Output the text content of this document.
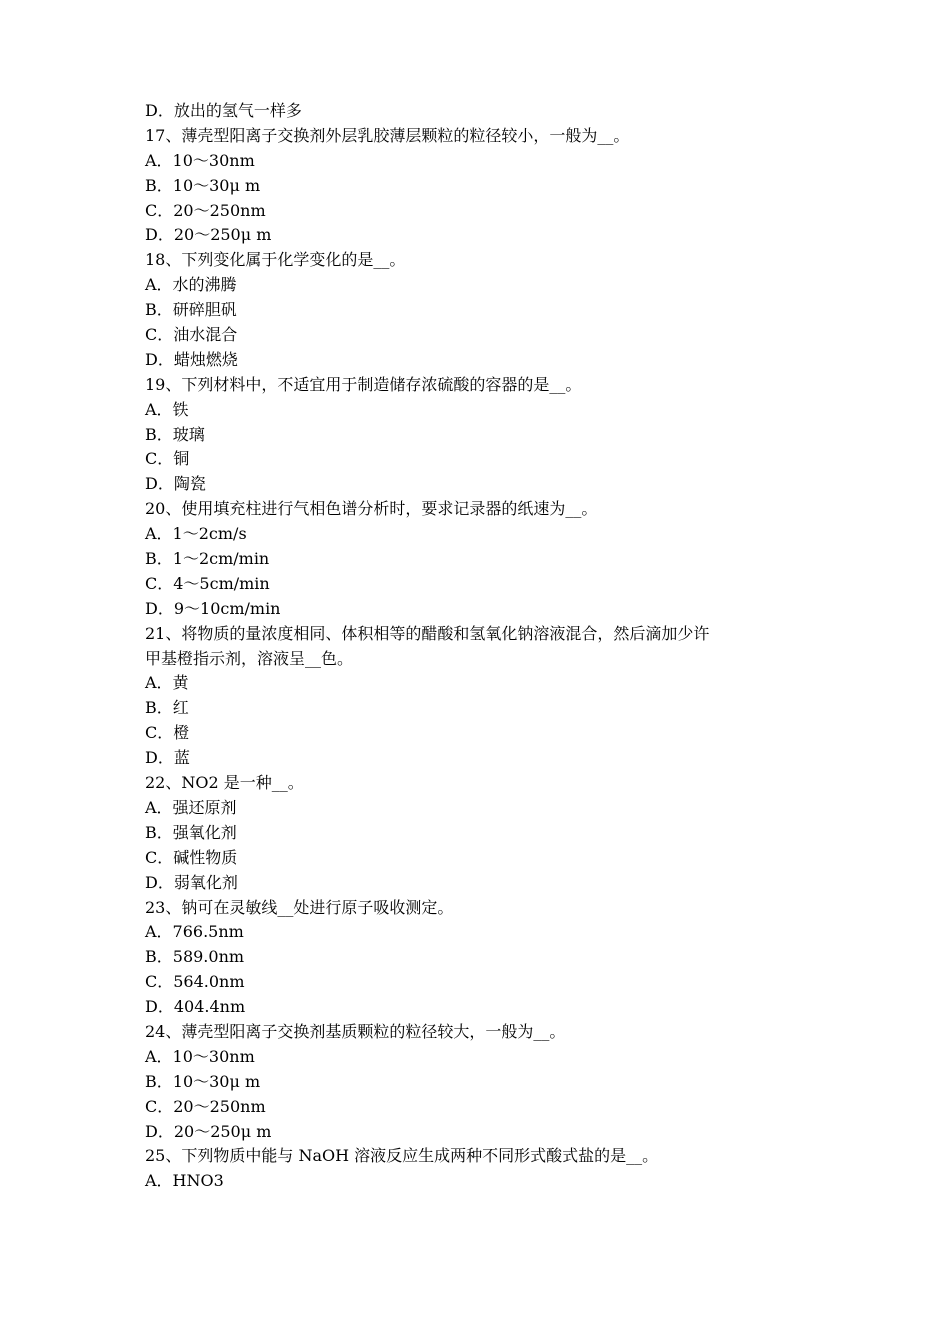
D．放出的氢气一样多
17、薄壳型阳离子交换剂外层乳胶薄层颗粒的粒径较小，一般为__。
A．10～30nm
B．10～30μ m
C．20～250nm
D．20～250μ m
18、下列变化属于化学变化的是__。
A．水的沸腾
B．研碎胆矾
C．油水混合
D．蜡烛燃烧
19、下列材料中，不适宜用于制造储存浓硫酸的容器的是__。
A．铁
B．玻璃
C．铜
D．陶瓷
20、使用填充柱进行气相色谱分析时，要求记录器的纸速为__。
A．1～2cm/s
B．1～2cm/min
C．4～5cm/min
D．9～10cm/min
21、将物质的量浓度相同、体积相等的醋酸和氢氧化钠溶液混合，然后滴加少许
甲基橙指示剂，溶液呈__色。
A．黄
B．红
C．橙
D．蓝
22、NO2 是一种__。
A．强还原剂
B．强氧化剂
C．碱性物质
D．弱氧化剂
23、钠可在灵敏线__处进行原子吸收测定。
A．766.5nm
B．589.0nm
C．564.0nm
D．404.4nm
24、薄壳型阳离子交换剂基质颗粒的粒径较大，一般为__。
A．10～30nm
B．10～30μ m
C．20～250nm
D．20～250μ m
25、下列物质中能与 NaOH 溶液反应生成两种不同形式酸式盐的是__。
A．HNO3
